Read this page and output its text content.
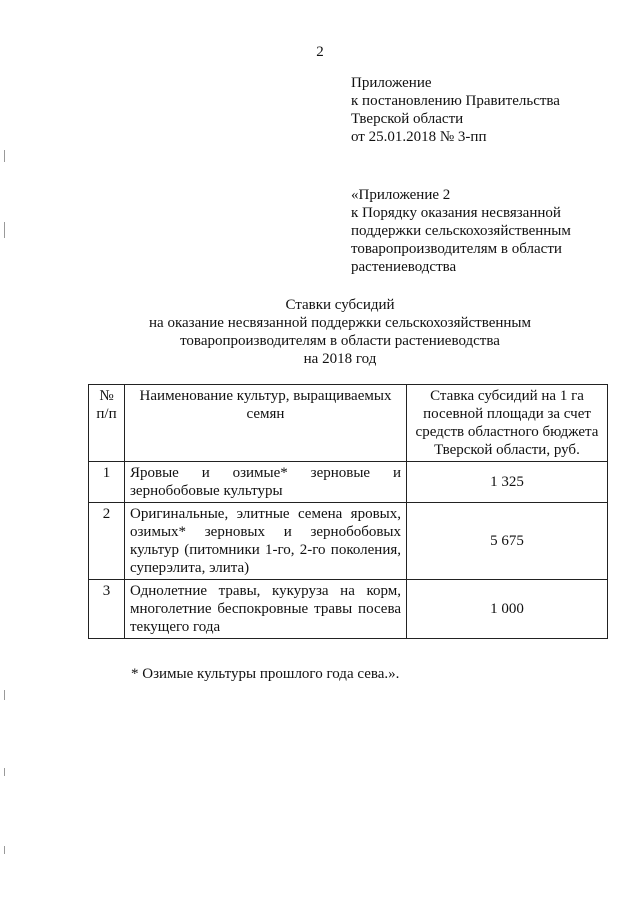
2
Приложение
к постановлению Правительства
Тверской области
от 25.01.2018 № 3-пп
«Приложение 2
к Порядку оказания несвязанной
поддержки сельскохозяйственным
товаропроизводителям в области
растениеводства
Ставки субсидий
на оказание несвязанной поддержки сельскохозяйственным
товаропроизводителям в области растениеводства
на 2018 год
№ п/п	Наименование культур, выращиваемых семян	Ставка субсидий на 1 га посевной площади за счет средств областного бюджета Тверской области, руб.
1	Яровые и озимые* зерновые и зернобобовые культуры	1 325
2	Оригинальные, элитные семена яровых, озимых* зерновых и зернобобовых культур (питомники 1-го, 2-го поколения, суперэлита, элита)	5 675
3	Однолетние травы, кукуруза на корм, многолетние беспокровные травы посева текущего года	1 000
* Озимые культуры прошлого года сева.».
